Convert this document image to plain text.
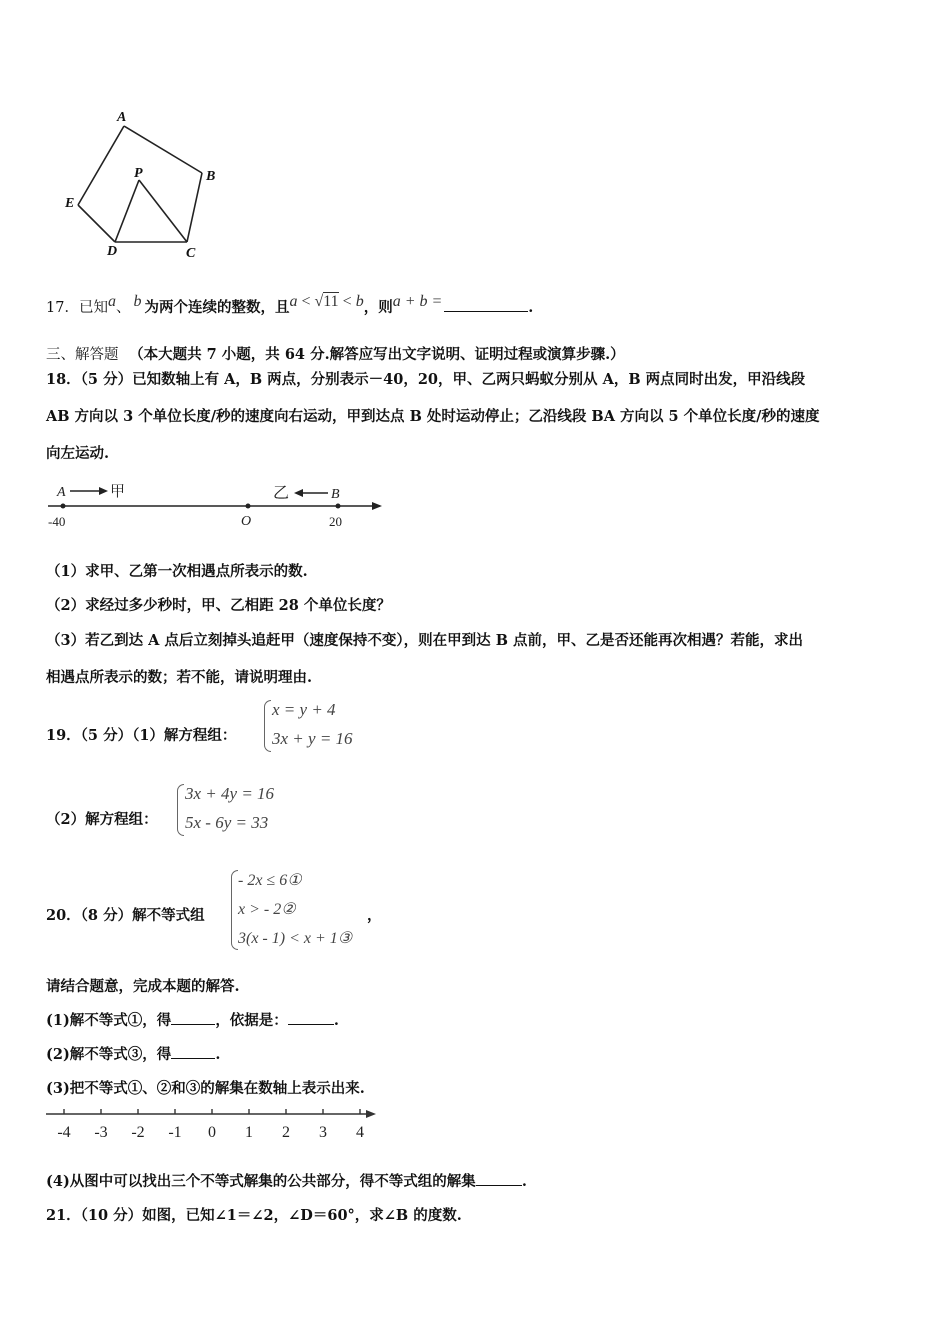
A
B
C
D
E
P
17．已知a、 b 为两个连续的整数，且a < √11 < b，则a + b =	.
三、解答题 （本大题共 7 小题，共 64 分.解答应写出文字说明、证明过程或演算步骤.）
18．（5 分）已知数轴上有 A，B 两点，分别表示－40，20，甲、乙两只蚂蚁分别从 A，B 两点同时出发，甲沿线段
AB 方向以 3 个单位长度/秒的速度向右运动，甲到达点 B 处时运动停止；乙沿线段 BA 方向以 5 个单位长度/秒的速度
向左运动.
A	甲	乙	B
-40	O	20
（1）求甲、乙第一次相遇点所表示的数.
（2）求经过多少秒时，甲、乙相距 28 个单位长度？
（3）若乙到达 A 点后立刻掉头追赶甲（速度保持不变），则在甲到达 B 点前，甲、乙是否还能再次相遇？若能，求出
相遇点所表示的数；若不能，请说明理由.
19．（5 分）（1）解方程组：
x = y + 4
3x + y = 16
（2）解方程组：
3x + 4y = 16
5x - 6y = 33
20．（8 分）解不等式组
- 2x ≤ 6①
x > - 2②
3(x - 1) < x + 1③
，
请结合题意，完成本题的解答.
(1)解不等式①，得	，依据是：	.
(2)解不等式③，得	.
(3)把不等式①、②和③的解集在数轴上表示出来.
-4 -3 -2 -1 0 1 2 3 4
(4)从图中可以找出三个不等式解集的公共部分，得不等式组的解集	.
21．（10 分）如图，已知∠1＝∠2，∠D＝60°，求∠B 的度数.
